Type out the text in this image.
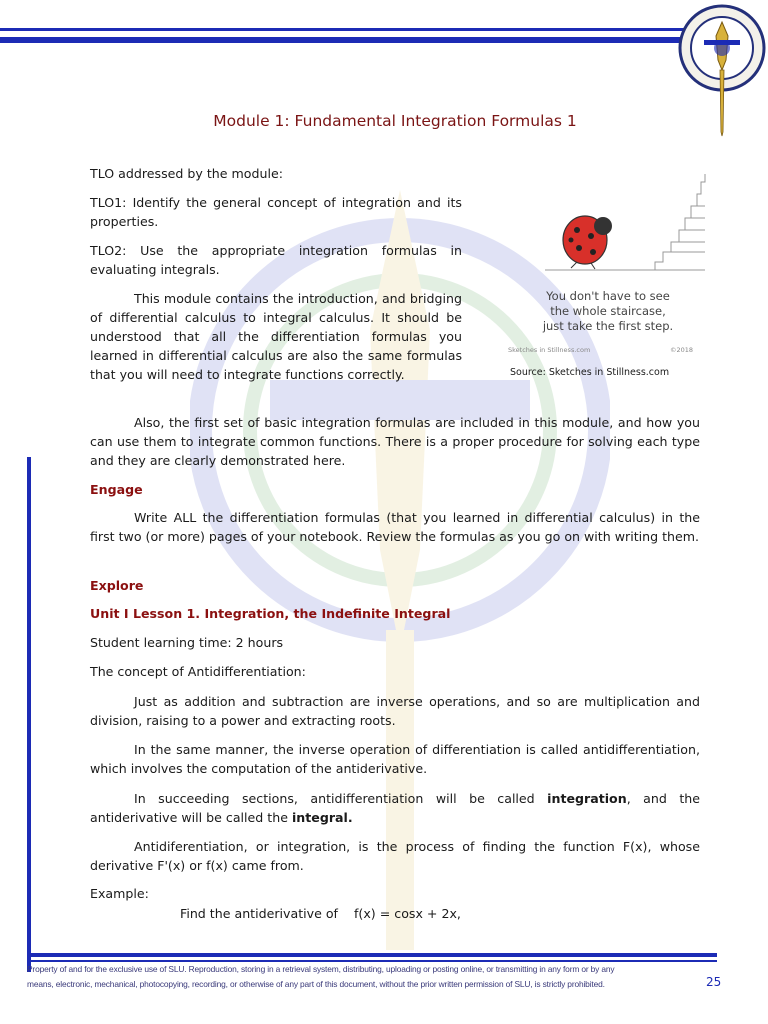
Module 1: Fundamental Integration Formulas 1

TLO addressed by the module:

TLO1: Identify the general concept of integration and its properties.

TLO2: Use the appropriate integration formulas in evaluating integrals.

This module contains the introduction, and bridging of differential calculus to integral calculus. It should be understood that all the differentiation formulas you learned in differential calculus are also the same formulas that you will need to integrate functions correctly.

You don't have to see
the whole staircase,
just take the first step.
Sketches in Stillness.com	©2018
Source: Sketches in Stillness.com

Also, the first set of basic integration formulas are included in this module, and how you can use them to integrate common functions. There is a proper procedure for solving each type and they are clearly demonstrated here.

Engage

Write ALL the differentiation formulas (that you learned in differential calculus) in the first two (or more) pages of your notebook. Review the formulas as you go on with writing them.

Explore

Unit I Lesson 1. Integration, the Indefinite Integral

Student learning time: 2 hours

The concept of Antidifferentiation:

Just as addition and subtraction are inverse operations, and so are multiplication and division, raising to a power and extracting roots.

In the same manner, the inverse operation of differentiation is called antidifferentiation, which involves the computation of the antiderivative.

In succeeding sections, antidifferentiation will be called integration, and the antiderivative will be called the integral.

Antidiferentiation, or integration, is the process of finding the function F(x), whose derivative F'(x) or f(x) came from.

Example:

Find the antiderivative of    f(x) = cosx + 2x,

Property of and for the exclusive use of SLU. Reproduction, storing in a retrieval system, distributing, uploading or posting online, or transmitting in any form or by any
means, electronic, mechanical, photocopying, recording, or otherwise of any part of this document, without the prior written permission of SLU, is strictly prohibited.	25
